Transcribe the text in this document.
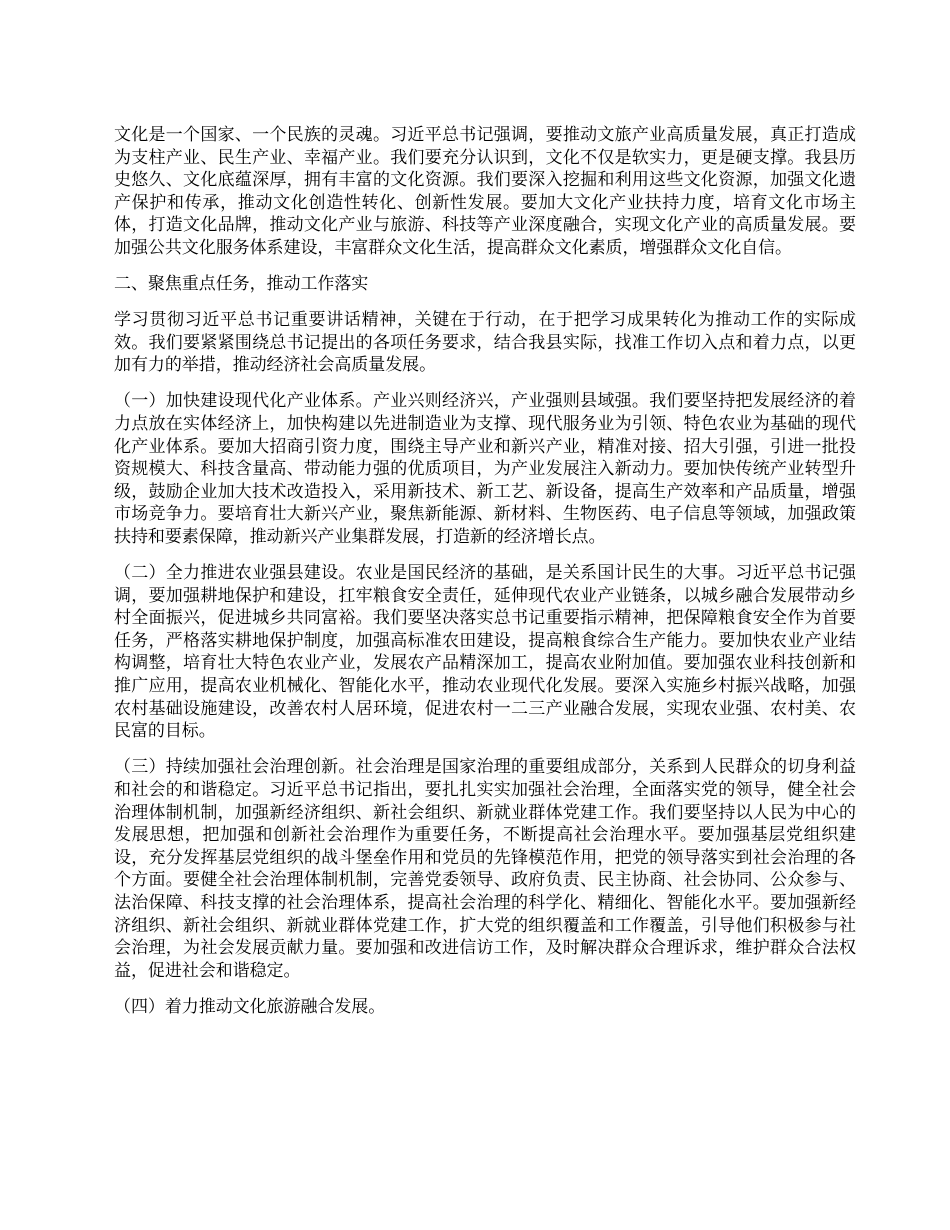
文化是一个国家、一个民族的灵魂。习近平总书记强调，要推动文旅产业高质量发展，真正打造成为支柱产业、民生产业、幸福产业。我们要充分认识到，文化不仅是软实力，更是硬支撑。我县历史悠久、文化底蕴深厚，拥有丰富的文化资源。我们要深入挖掘和利用这些文化资源，加强文化遗产保护和传承，推动文化创造性转化、创新性发展。要加大文化产业扶持力度，培育文化市场主体，打造文化品牌，推动文化产业与旅游、科技等产业深度融合，实现文化产业的高质量发展。要加强公共文化服务体系建设，丰富群众文化生活，提高群众文化素质，增强群众文化自信。

二、聚焦重点任务，推动工作落实

学习贯彻习近平总书记重要讲话精神，关键在于行动，在于把学习成果转化为推动工作的实际成效。我们要紧紧围绕总书记提出的各项任务要求，结合我县实际，找准工作切入点和着力点，以更加有力的举措，推动经济社会高质量发展。

（一）加快建设现代化产业体系。产业兴则经济兴，产业强则县域强。我们要坚持把发展经济的着力点放在实体经济上，加快构建以先进制造业为支撑、现代服务业为引领、特色农业为基础的现代化产业体系。要加大招商引资力度，围绕主导产业和新兴产业，精准对接、招大引强，引进一批投资规模大、科技含量高、带动能力强的优质项目，为产业发展注入新动力。要加快传统产业转型升级，鼓励企业加大技术改造投入，采用新技术、新工艺、新设备，提高生产效率和产品质量，增强市场竞争力。要培育壮大新兴产业，聚焦新能源、新材料、生物医药、电子信息等领域，加强政策扶持和要素保障，推动新兴产业集群发展，打造新的经济增长点。

（二）全力推进农业强县建设。农业是国民经济的基础，是关系国计民生的大事。习近平总书记强调，要加强耕地保护和建设，扛牢粮食安全责任，延伸现代农业产业链条，以城乡融合发展带动乡村全面振兴，促进城乡共同富裕。我们要坚决落实总书记重要指示精神，把保障粮食安全作为首要任务，严格落实耕地保护制度，加强高标准农田建设，提高粮食综合生产能力。要加快农业产业结构调整，培育壮大特色农业产业，发展农产品精深加工，提高农业附加值。要加强农业科技创新和推广应用，提高农业机械化、智能化水平，推动农业现代化发展。要深入实施乡村振兴战略，加强农村基础设施建设，改善农村人居环境，促进农村一二三产业融合发展，实现农业强、农村美、农民富的目标。

（三）持续加强社会治理创新。社会治理是国家治理的重要组成部分，关系到人民群众的切身利益和社会的和谐稳定。习近平总书记指出，要扎扎实实加强社会治理，全面落实党的领导，健全社会治理体制机制，加强新经济组织、新社会组织、新就业群体党建工作。我们要坚持以人民为中心的发展思想，把加强和创新社会治理作为重要任务，不断提高社会治理水平。要加强基层党组织建设，充分发挥基层党组织的战斗堡垒作用和党员的先锋模范作用，把党的领导落实到社会治理的各个方面。要健全社会治理体制机制，完善党委领导、政府负责、民主协商、社会协同、公众参与、法治保障、科技支撑的社会治理体系，提高社会治理的科学化、精细化、智能化水平。要加强新经济组织、新社会组织、新就业群体党建工作，扩大党的组织覆盖和工作覆盖，引导他们积极参与社会治理，为社会发展贡献力量。要加强和改进信访工作，及时解决群众合理诉求，维护群众合法权益，促进社会和谐稳定。

（四）着力推动文化旅游融合发展。
